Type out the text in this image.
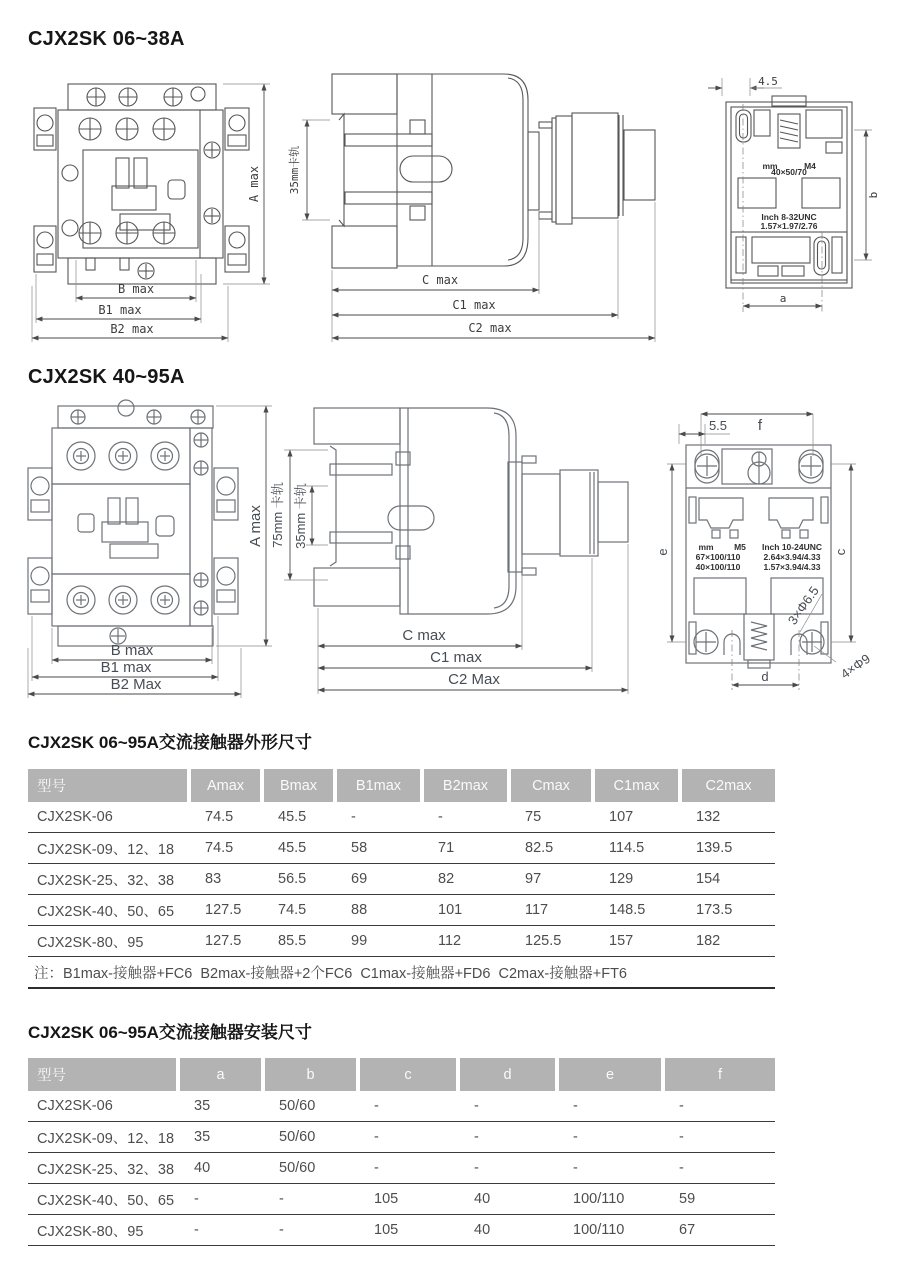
CJX2SK 06~38A
A max
B max
B1 max
B2 max
35mm卡轨
C max
C1 max
C2 max
4.5
mm	M4
40×50/70
Inch 8-32UNC
1.57×1.97/2.76
b
a
CJX2SK 40~95A
A max
B max
B1 max
B2 Max
75mm 卡轨 35mm 卡轨
C max
C1 max
C2 Max
f
5.5
mm M5 Inch 10-24UNC
67×100/110	2.64×3.94/4.33
40×100/110	1.57×3.94/4.33
e	c
d
3×Φ6.5
4×Φ9
CJX2SK 06~95A交流接触器外形尺寸
型号	Amax	Bmax	B1max	B2max	Cmax	C1max	C2max
CJX2SK-06	74.5	45.5	-	-	75	107	132
CJX2SK-09、12、18	74.5	45.5	58	71	82.5	114.5	139.5
CJX2SK-25、32、38	83	56.5	69	82	97	129	154
CJX2SK-40、50、65	127.5	74.5	88	101	117	148.5	173.5
CJX2SK-80、95	127.5	85.5	99	112	125.5	157	182
注：B1max-接触器+FC6  B2max-接触器+2个FC6  C1max-接触器+FD6  C2max-接触器+FT6							
CJX2SK 06~95A交流接触器安装尺寸
型号	a	b	c	d	e	f
CJX2SK-06	35	50/60	-	-	-	-
CJX2SK-09、12、18	35	50/60	-	-	-	-
CJX2SK-25、32、38	40	50/60	-	-	-	-
CJX2SK-40、50、65	-	-	105	40	100/110	59
CJX2SK-80、95	-	-	105	40	100/110	67
